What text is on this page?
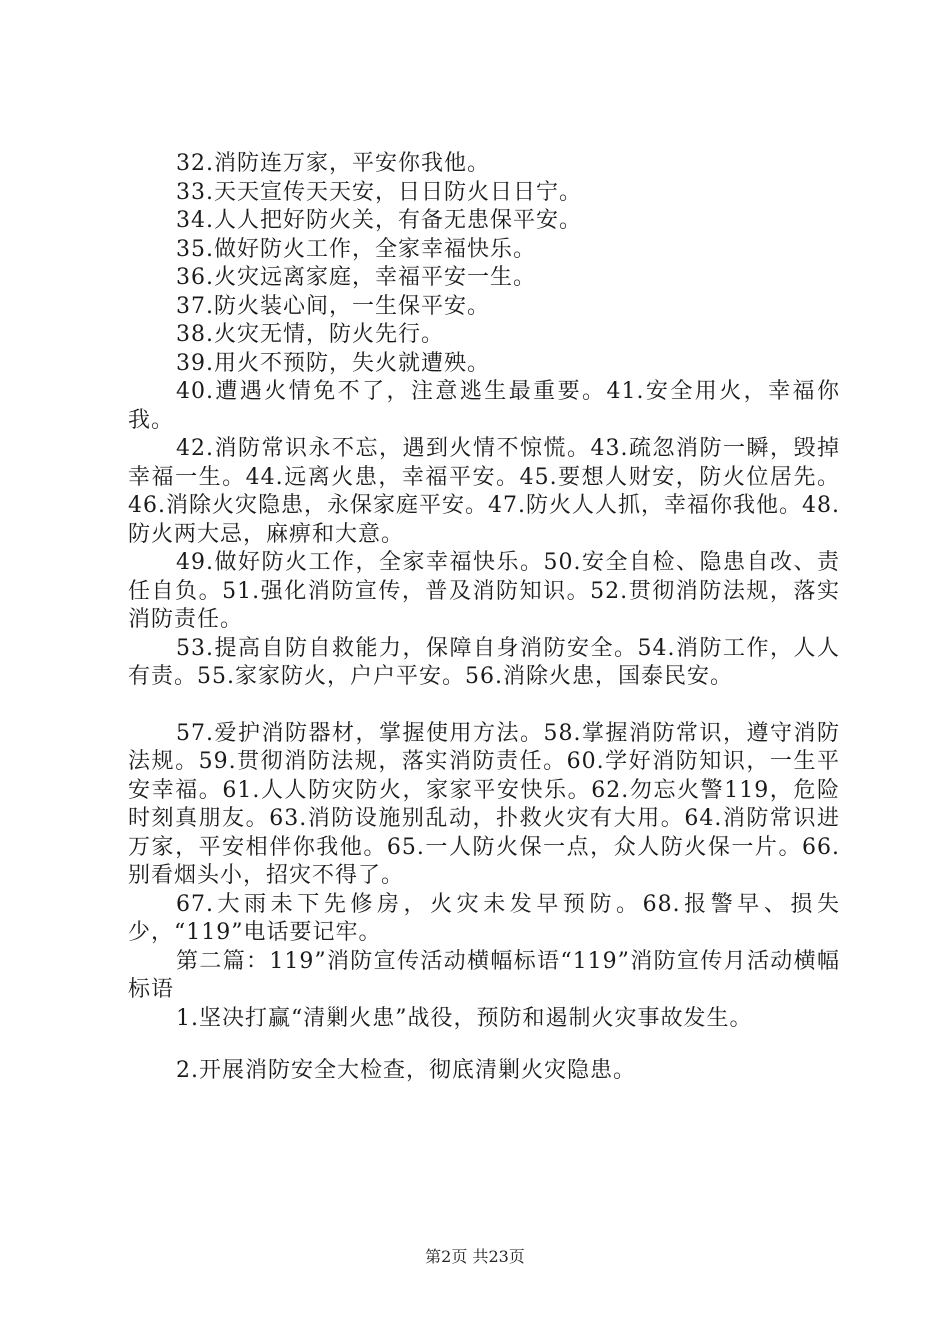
32.消防连万家，平安你我他。

33.天天宣传天天安，日日防火日日宁。

34.人人把好防火关，有备无患保平安。

35.做好防火工作，全家幸福快乐。

36.火灾远离家庭，幸福平安一生。

37.防火装心间，一生保平安。

38.火灾无情，防火先行。

39.用火不预防，失火就遭殃。

40.遭遇火情免不了，注意逃生最重要。41.安全用火，幸福你我。

42.消防常识永不忘，遇到火情不惊慌。43.疏忽消防一瞬，毁掉幸福一生。44.远离火患，幸福平安。45.要想人财安，防火位居先。46.消除火灾隐患，永保家庭平安。47.防火人人抓，幸福你我他。48.防火两大忌，麻痹和大意。

49.做好防火工作，全家幸福快乐。50.安全自检、隐患自改、责任自负。51.强化消防宣传，普及消防知识。52.贯彻消防法规，落实消防责任。

53.提高自防自救能力，保障自身消防安全。54.消防工作，人人有责。55.家家防火，户户平安。56.消除火患，国泰民安。

57.爱护消防器材，掌握使用方法。58.掌握消防常识，遵守消防法规。59.贯彻消防法规，落实消防责任。60.学好消防知识，一生平安幸福。61.人人防灾防火，家家平安快乐。62.勿忘火警119，危险时刻真朋友。63.消防设施别乱动，扑救火灾有大用。64.消防常识进万家，平安相伴你我他。65.一人防火保一点，众人防火保一片。66.别看烟头小，招灾不得了。

67.大雨未下先修房，火灾未发早预防。68.报警早、损失少，“119”电话要记牢。

第二篇：119”消防宣传活动横幅标语“119”消防宣传月活动横幅标语

1.坚决打赢“清剿火患”战役，预防和遏制火灾事故发生。

2.开展消防安全大检查，彻底清剿火灾隐患。

第2页 共23页
